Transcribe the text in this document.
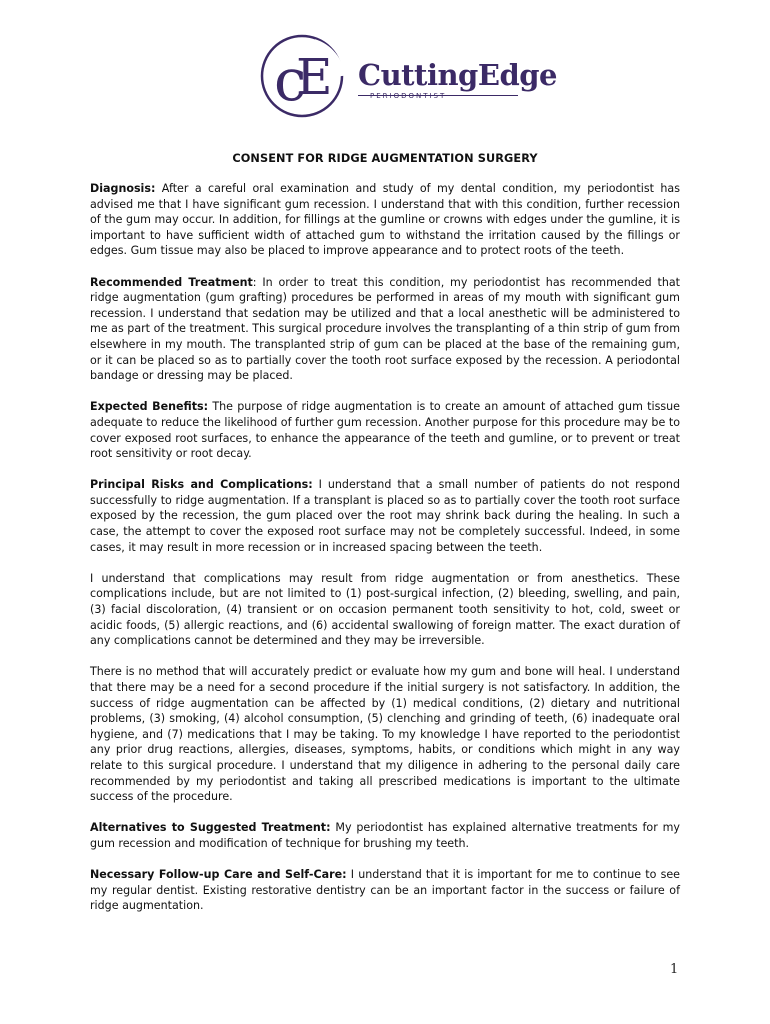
c
E CuttingEdge
PERIODONTIST
CONSENT FOR RIDGE AUGMENTATION SURGERY

Diagnosis: After a careful oral examination and study of my dental condition, my periodontist has advised me that I have significant gum recession. I understand that with this condition, further recession of the gum may occur. In addition, for fillings at the gumline or crowns with edges under the gumline, it is important to have sufficient width of attached gum to withstand the irritation caused by the fillings or edges. Gum tissue may also be placed to improve appearance and to protect roots of the teeth.

Recommended Treatment: In order to treat this condition, my periodontist has recommended that ridge augmentation (gum grafting) procedures be performed in areas of my mouth with significant gum recession. I understand that sedation may be utilized and that a local anesthetic will be administered to me as part of the treatment. This surgical procedure involves the transplanting of a thin strip of gum from elsewhere in my mouth. The transplanted strip of gum can be placed at the base of the remaining gum, or it can be placed so as to partially cover the tooth root surface exposed by the recession. A periodontal bandage or dressing may be placed.

Expected Benefits: The purpose of ridge augmentation is to create an amount of attached gum tissue adequate to reduce the likelihood of further gum recession. Another purpose for this procedure may be to cover exposed root surfaces, to enhance the appearance of the teeth and gumline, or to prevent or treat root sensitivity or root decay.

Principal Risks and Complications: I understand that a small number of patients do not respond successfully to ridge augmentation. If a transplant is placed so as to partially cover the tooth root surface exposed by the recession, the gum placed over the root may shrink back during the healing. In such a case, the attempt to cover the exposed root surface may not be completely successful. Indeed, in some cases, it may result in more recession or in increased spacing between the teeth.

I understand that complications may result from ridge augmentation or from anesthetics. These complications include, but are not limited to (1) post-surgical infection, (2) bleeding, swelling, and pain, (3) facial discoloration, (4) transient or on occasion permanent tooth sensitivity to hot, cold, sweet or acidic foods, (5) allergic reactions, and (6) accidental swallowing of foreign matter. The exact duration of any complications cannot be determined and they may be irreversible.

There is no method that will accurately predict or evaluate how my gum and bone will heal. I understand that there may be a need for a second procedure if the initial surgery is not satisfactory. In addition, the success of ridge augmentation can be affected by (1) medical conditions, (2) dietary and nutritional problems, (3) smoking, (4) alcohol consumption, (5) clenching and grinding of teeth, (6) inadequate oral hygiene, and (7) medications that I may be taking. To my knowledge I have reported to the periodontist any prior drug reactions, allergies, diseases, symptoms, habits, or conditions which might in any way relate to this surgical procedure. I understand that my diligence in adhering to the personal daily care recommended by my periodontist and taking all prescribed medications is important to the ultimate success of the procedure.

Alternatives to Suggested Treatment: My periodontist has explained alternative treatments for my gum recession and modification of technique for brushing my teeth.

Necessary Follow-up Care and Self-Care: I understand that it is important for me to continue to see my regular dentist. Existing restorative dentistry can be an important factor in the success or failure of ridge augmentation.

1
